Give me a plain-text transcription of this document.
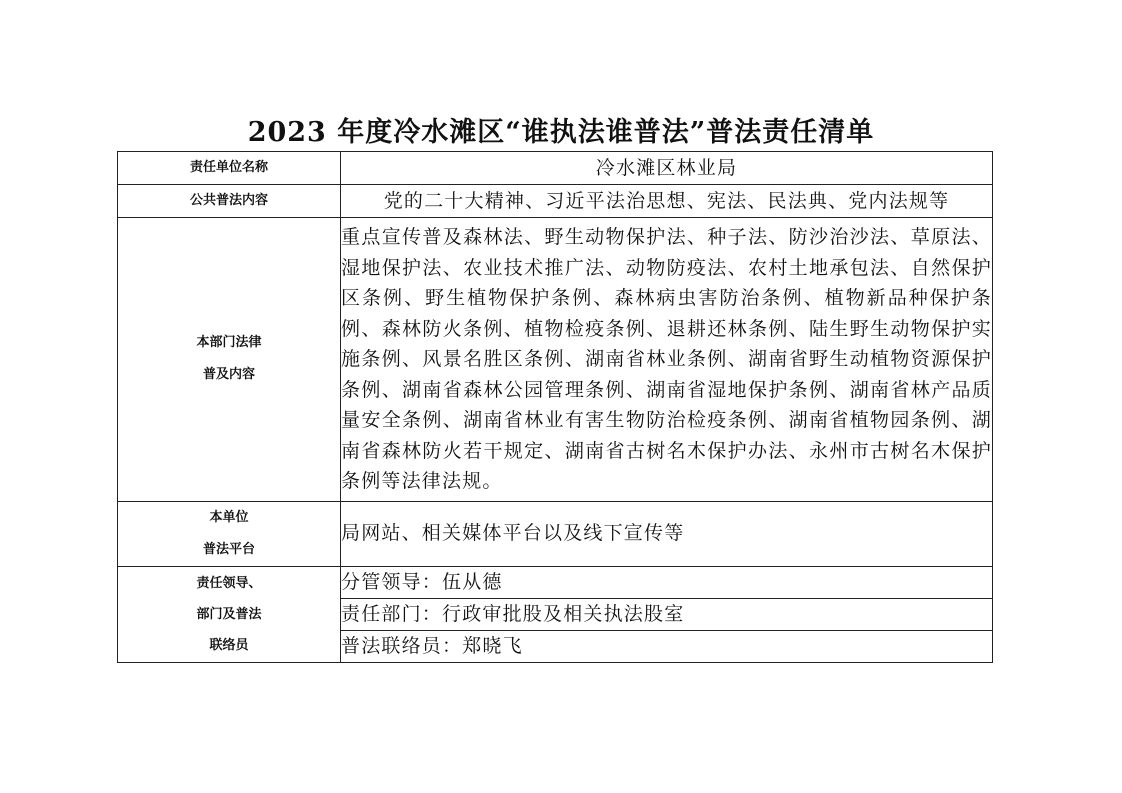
2023 年度冷水滩区“谁执法谁普法”普法责任清单
责任单位名称	冷水滩区林业局
公共普法内容	党的二十大精神、习近平法治思想、宪法、民法典、党内法规等

本部门法律
普及内容	重点宣传普及森林法、野生动物保护法、种子法、防沙治沙法、草原法、湿地保护法、农业技术推广法、动物防疫法、农村土地承包法、自然保护区条例、野生植物保护条例、森林病虫害防治条例、植物新品种保护条例、森林防火条例、植物检疫条例、退耕还林条例、陆生野生动物保护实施条例、风景名胜区条例、湖南省林业条例、湖南省野生动植物资源保护条例、湖南省森林公园管理条例、湖南省湿地保护条例、湖南省林产品质量安全条例、湖南省林业有害生物防治检疫条例、湖南省植物园条例、湖南省森林防火若干规定、湖南省古树名木保护办法、永州市古树名木保护条例等法律法规。

本单位
普法平台	局网站、相关媒体平台以及线下宣传等

责任领导、
部门及普法
联络员	分管领导：伍从德
	责任部门：行政审批股及相关执法股室
	普法联络员：郑晓飞
